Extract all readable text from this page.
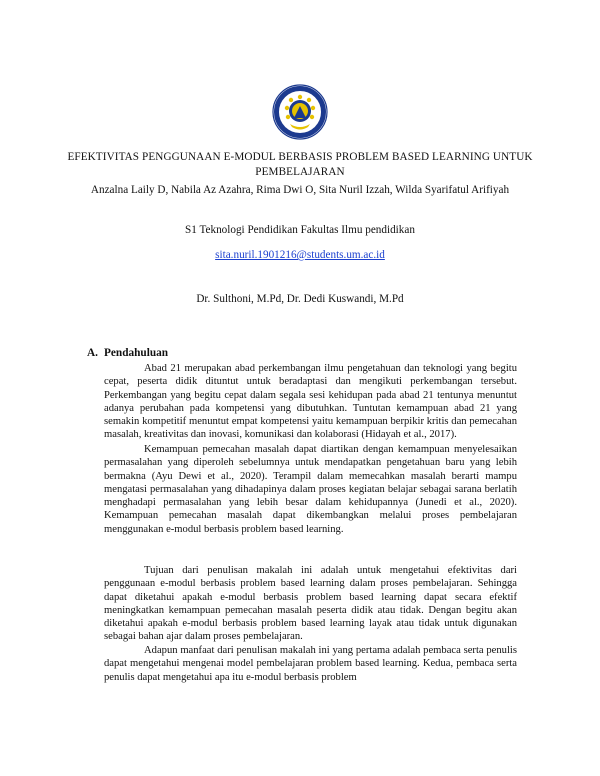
EFEKTIVITAS PENGGUNAAN E-MODUL BERBASIS PROBLEM BASED LEARNING UNTUK PEMBELAJARAN
Anzalna Laily D, Nabila Az Azahra, Rima Dwi O, Sita Nuril Izzah, Wilda Syarifatul Arifiyah
S1 Teknologi Pendidikan Fakultas Ilmu pendidikan
sita.nuril.1901216@students.um.ac.id
Dr. Sulthoni, M.Pd, Dr. Dedi Kuswandi, M.Pd
A. Pendahuluan

Abad 21 merupakan abad perkembangan ilmu pengetahuan dan teknologi yang begitu cepat, peserta didik dituntut untuk beradaptasi dan mengikuti perkembangan tersebut. Perkembangan yang begitu cepat dalam segala sesi kehidupan pada abad 21 tentunya menuntut adanya perubahan pada kompetensi yang dibutuhkan. Tuntutan kemampuan abad 21 yang semakin kompetitif menuntut empat kompetensi yaitu kemampuan berpikir kritis dan pemecahan masalah, kreativitas dan inovasi, komunikasi dan kolaborasi (Hidayah et al., 2017).

Kemampuan pemecahan masalah dapat diartikan dengan kemampuan menyelesaikan permasalahan yang diperoleh sebelumnya untuk mendapatkan pengetahuan baru yang lebih bermakna (Ayu Dewi et al., 2020). Terampil dalam memecahkan masalah berarti mampu mengatasi permasalahan yang dihadapinya dalam proses kegiatan belajar sebagai sarana berlatih menghadapi permasalahan yang lebih besar dalam kehidupannya (Junedi et al., 2020). Kemampuan pemecahan masalah dapat dikembangkan melalui proses pembelajaran menggunakan e-modul berbasis problem based learning.

Tujuan dari penulisan makalah ini adalah untuk mengetahui efektivitas dari penggunaan e-modul berbasis problem based learning dalam proses pembelajaran. Sehingga dapat diketahui apakah e-modul berbasis problem based learning dapat secara efektif meningkatkan kemampuan pemecahan masalah peserta didik atau tidak. Dengan begitu akan diketahui apakah e-modul berbasis problem based learning layak atau tidak untuk digunakan sebagai bahan ajar dalam proses pembelajaran.

Adapun manfaat dari penulisan makalah ini yang pertama adalah pembaca serta penulis dapat mengetahui mengenai model pembelajaran problem based learning. Kedua, pembaca serta penulis dapat mengetahui apa itu e-modul berbasis problem
